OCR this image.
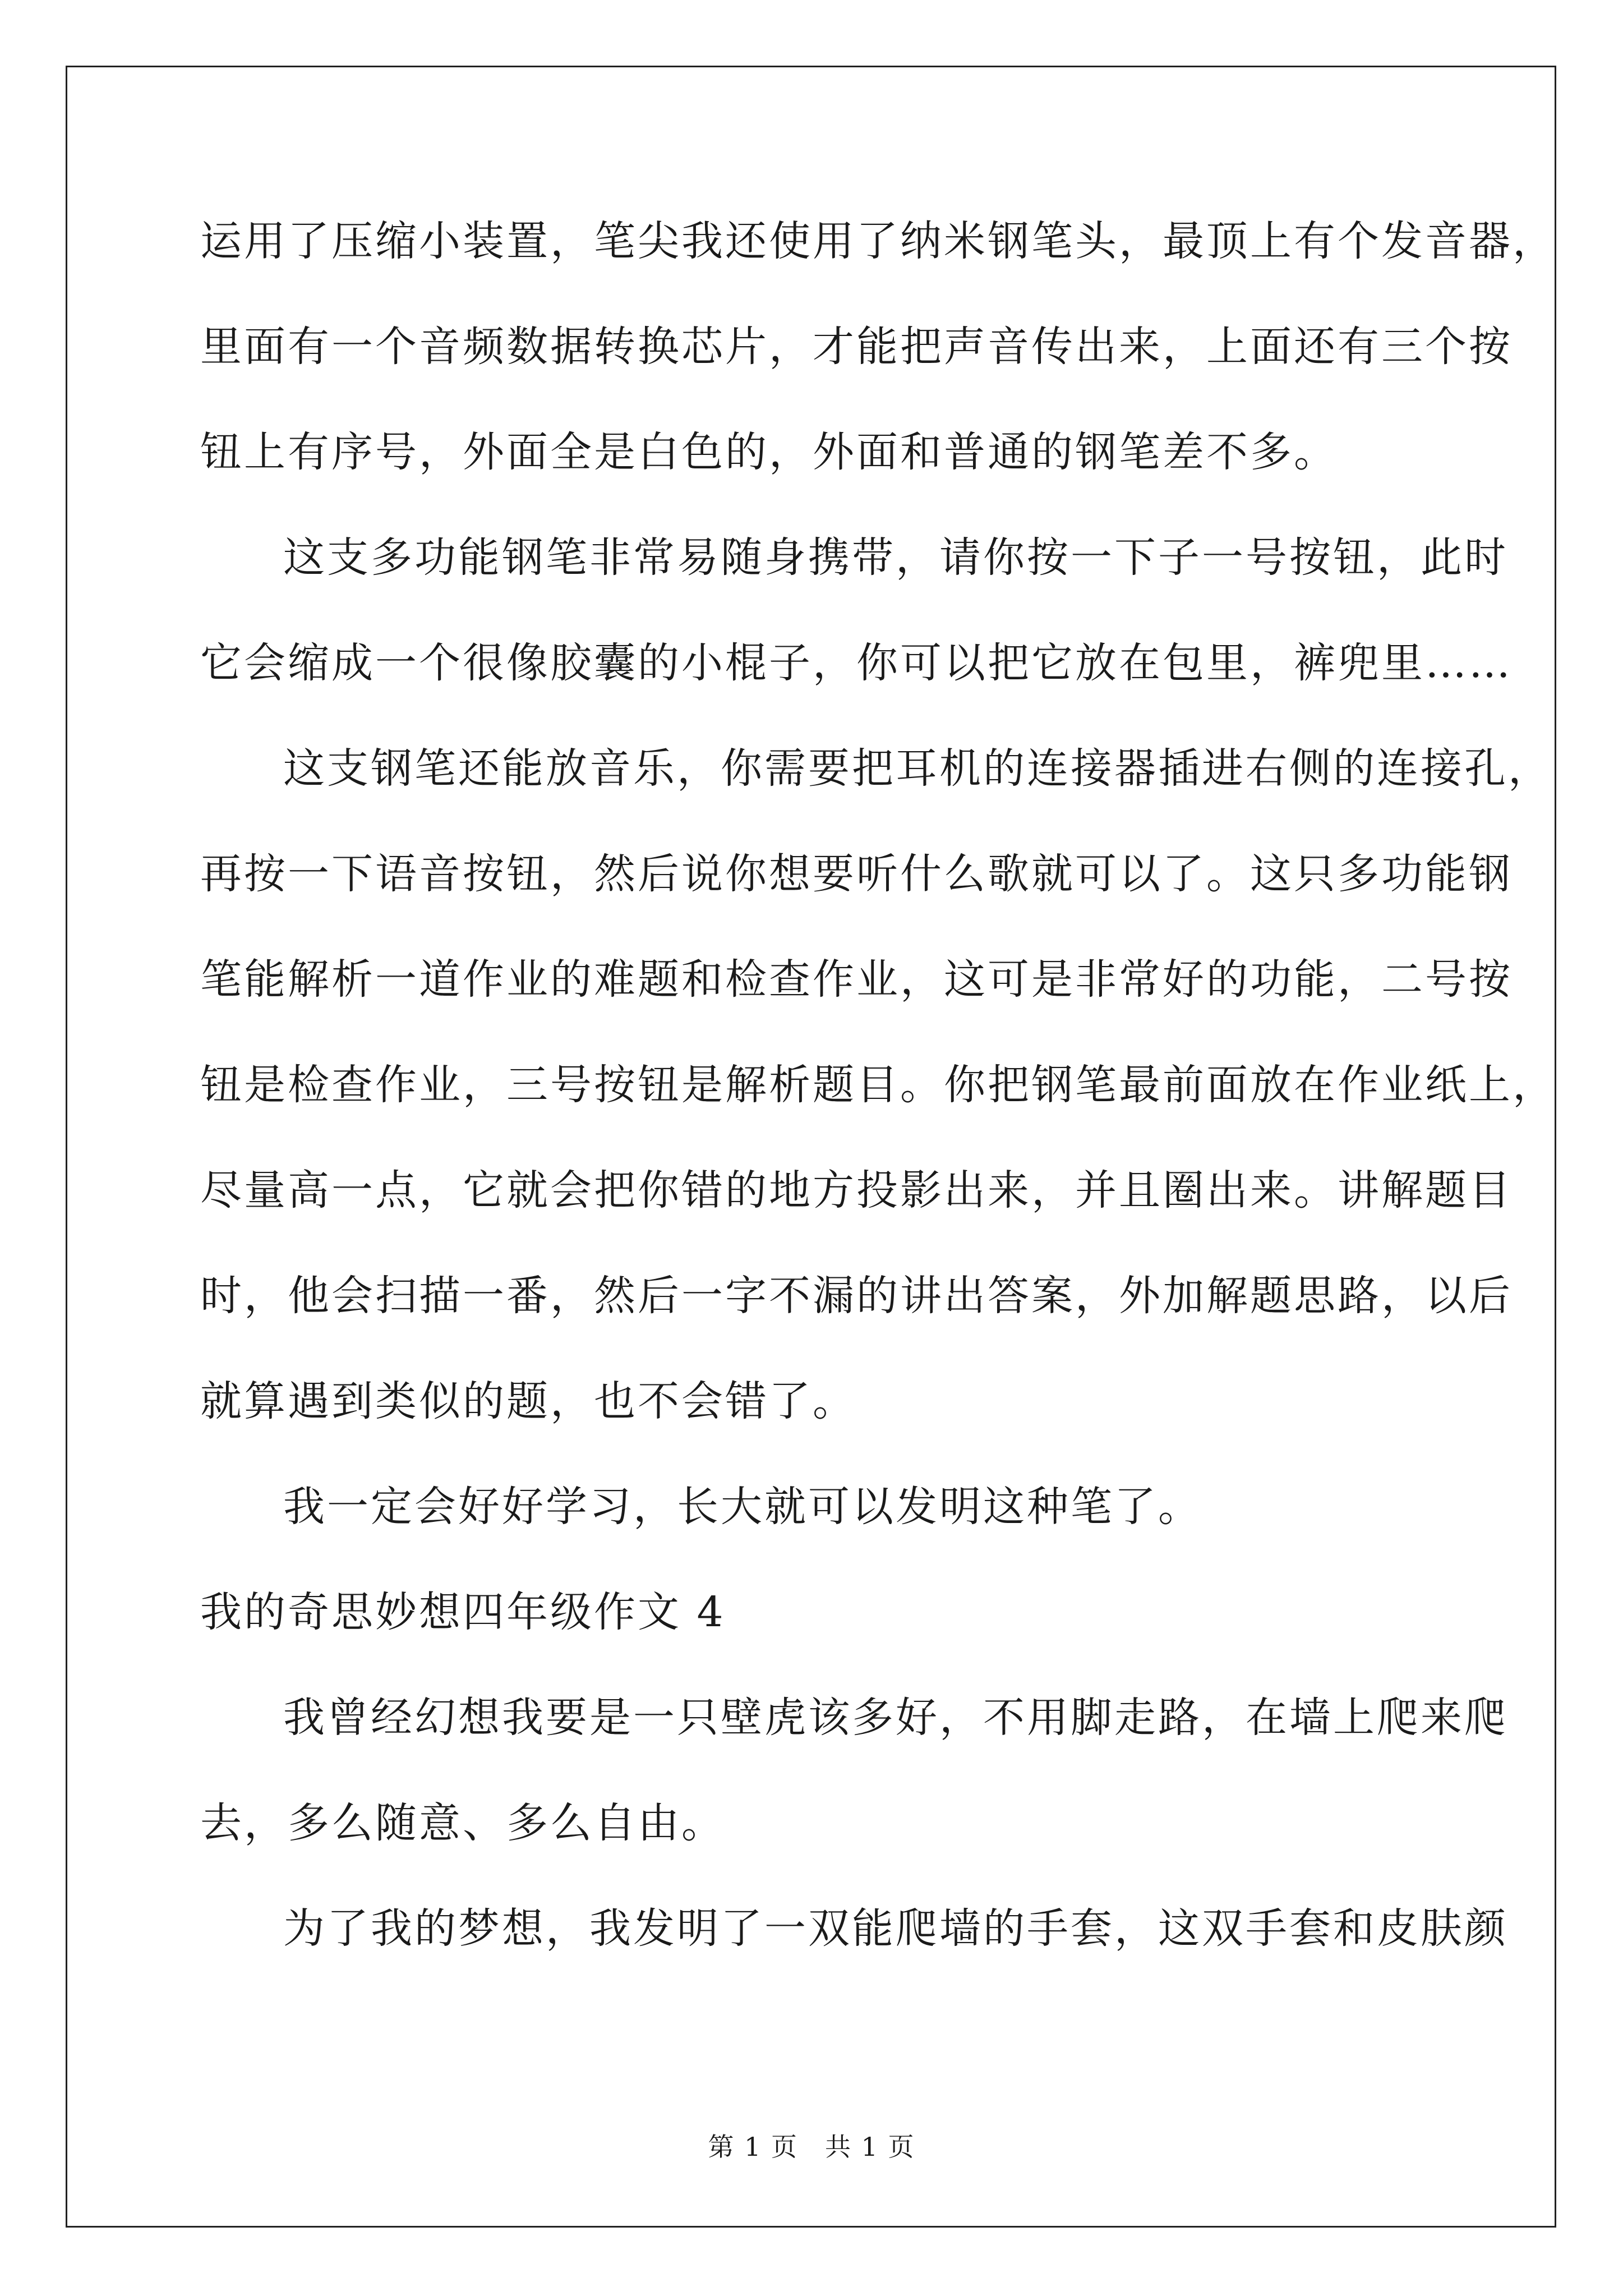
运用了压缩小装置，笔尖我还使用了纳米钢笔头，最顶上有个发音器，
里面有一个音频数据转换芯片，才能把声音传出来，上面还有三个按
钮上有序号，外面全是白色的，外面和普通的钢笔差不多。
这支多功能钢笔非常易随身携带，请你按一下子一号按钮，此时
它会缩成一个很像胶囊的小棍子，你可以把它放在包里，裤兜里……
这支钢笔还能放音乐，你需要把耳机的连接器插进右侧的连接孔，
再按一下语音按钮，然后说你想要听什么歌就可以了。这只多功能钢
笔能解析一道作业的难题和检查作业，这可是非常好的功能，二号按
钮是检查作业，三号按钮是解析题目。你把钢笔最前面放在作业纸上，
尽量高一点，它就会把你错的地方投影出来，并且圈出来。讲解题目
时，他会扫描一番，然后一字不漏的讲出答案，外加解题思路，以后
就算遇到类似的题，也不会错了。
我一定会好好学习，长大就可以发明这种笔了。
我的奇思妙想四年级作文 4
我曾经幻想我要是一只壁虎该多好，不用脚走路，在墙上爬来爬
去，多么随意、多么自由。
为了我的梦想，我发明了一双能爬墙的手套，这双手套和皮肤颜
第 1 页　共 1 页
